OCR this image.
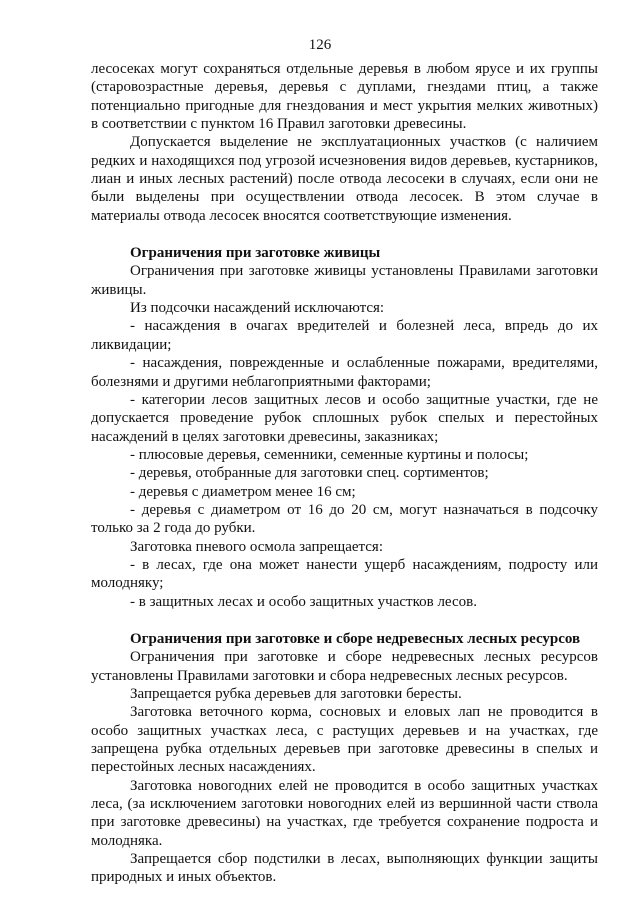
126

лесосеках могут сохраняться отдельные деревья в любом ярусе и их группы (старовозрастные деревья, деревья с дуплами, гнездами птиц, а также потенциально пригодные для гнездования и мест укрытия мелких животных) в соответствии с пунктом 16 Правил заготовки древесины.

Допускается выделение не эксплуатационных участков (с наличием редких и находящихся под угрозой исчезновения видов деревьев, кустарников, лиан и иных лесных растений) после отвода лесосеки в случаях, если они не были выделены при осуществлении отвода лесосек. В этом случае в материалы отвода лесосек вносятся соответствующие изменения.

Ограничения при заготовке живицы

Ограничения при заготовке живицы установлены Правилами заготовки живицы.

Из подсочки насаждений исключаются:

- насаждения в очагах вредителей и болезней леса, впредь до их ликвидации;

- насаждения, поврежденные и ослабленные пожарами, вредителями, болезнями и другими неблагоприятными факторами;

- категории лесов защитных лесов и особо защитные участки, где не допускается проведение рубок сплошных рубок спелых и перестойных насаждений в целях заготовки древесины, заказниках;

- плюсовые деревья, семенники, семенные куртины и полосы;

- деревья, отобранные для заготовки спец. сортиментов;

- деревья с диаметром менее 16 см;

- деревья с диаметром от 16 до 20 см, могут назначаться в подсочку только за 2 года до рубки.

Заготовка пневого осмола запрещается:

- в лесах, где она может нанести ущерб насаждениям, подросту или молодняку;

- в защитных лесах и особо защитных участков лесов.

Ограничения при заготовке и сборе недревесных лесных ресурсов

Ограничения при заготовке и сборе недревесных лесных ресурсов установлены Правилами заготовки и сбора недревесных лесных ресурсов.

Запрещается рубка деревьев для заготовки бересты.

Заготовка веточного корма, сосновых и еловых лап не проводится в особо защитных участках леса, с растущих деревьев и на участках, где запрещена рубка отдельных деревьев при заготовке древесины в спелых и перестойных лесных насаждениях.

Заготовка новогодних елей не проводится в особо защитных участках леса, (за исключением заготовки новогодних елей из вершинной части ствола при заготовке древесины) на участках, где требуется сохранение подроста и молодняка.

Запрещается сбор подстилки в лесах, выполняющих функции защиты природных и иных объектов.
